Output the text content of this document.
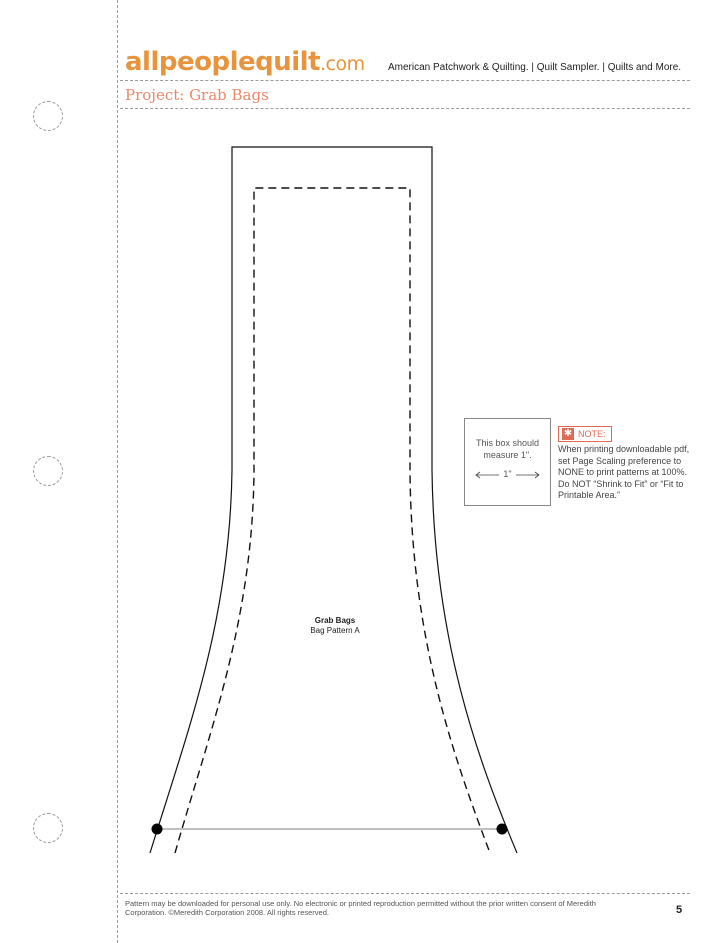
allpeoplequilt.com American Patchwork & Quilting. | Quilt Sampler. | Quilts and More.
Project: Grab Bags
This box should measure 1".
1"
✱ NOTE:
When printing downloadable pdf, set Page Scaling preference to NONE to print patterns at 100%. Do NOT “Shrink to Fit” or “Fit to Printable Area.”
Grab Bags
Bag Pattern A
Pattern may be downloaded for personal use only. No electronic or printed reproduction permitted without the prior written consent of Meredith Corporation. ©Meredith Corporation 2008. All rights reserved.	5
